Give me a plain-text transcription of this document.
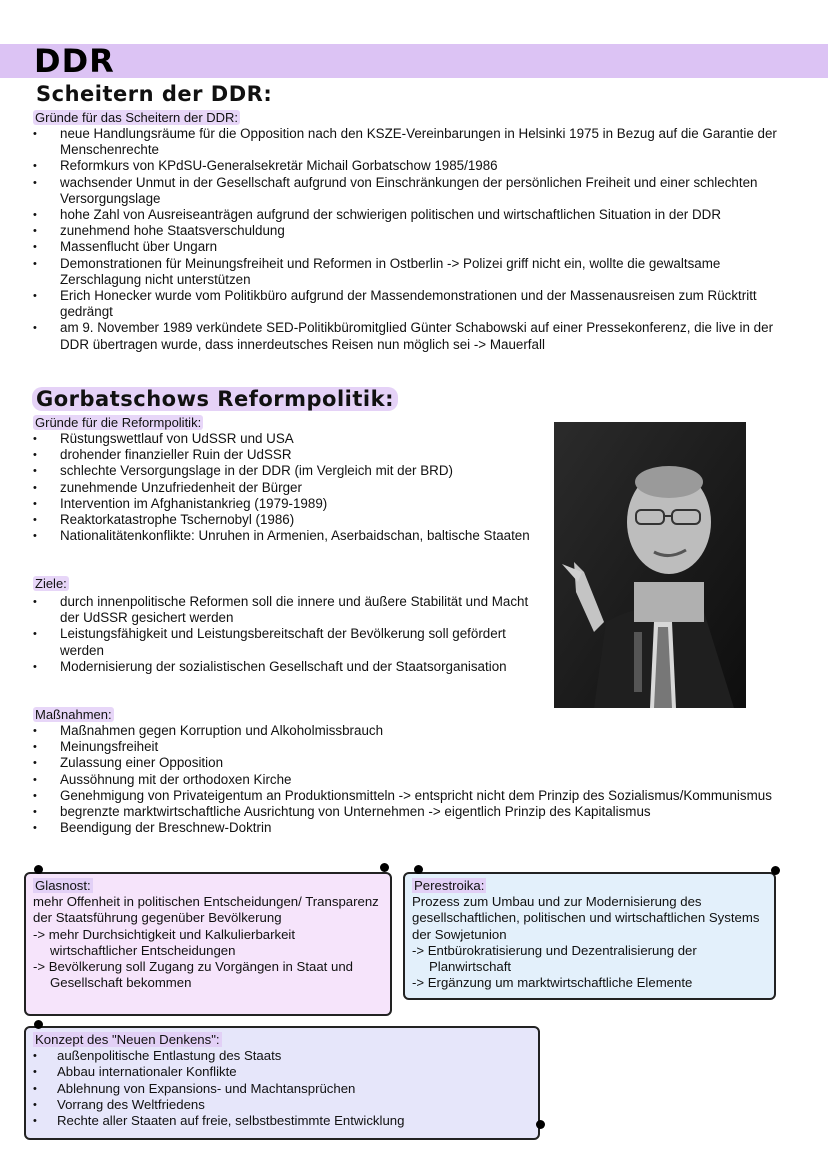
DDR
Scheitern der DDR:

Gründe für das Scheitern der DDR:

• neue Handlungsräume für die Opposition nach den KSZE-Vereinbarungen in Helsinki 1975 in Bezug auf die Garantie der Menschenrechte
• Reformkurs von KPdSU-Generalsekretär Michail Gorbatschow 1985/1986
• wachsender Unmut in der Gesellschaft aufgrund von Einschränkungen der persönlichen Freiheit und einer schlechten Versorgungslage
• hohe Zahl von Ausreiseanträgen aufgrund der schwierigen politischen und wirtschaftlichen Situation in der DDR
• zunehmend hohe Staatsverschuldung
• Massenflucht über Ungarn
• Demonstrationen für Meinungsfreiheit und Reformen in Ostberlin -> Polizei griff nicht ein, wollte die gewaltsame Zerschlagung nicht unterstützen
• Erich Honecker wurde vom Politikbüro aufgrund der Massendemonstrationen und der Massenausreisen zum Rücktritt gedrängt
• am 9. November 1989 verkündete SED-Politikbüromitglied Günter Schabowski auf einer Pressekonferenz, die live in der DDR übertragen wurde, dass innerdeutsches Reisen nun möglich sei -> Mauerfall
Gorbatschows Reformpolitik:

Gründe für die Reformpolitik:

• Rüstungswettlauf von UdSSR und USA
• drohender finanzieller Ruin der UdSSR
• schlechte Versorgungslage in der DDR (im Vergleich mit der BRD)
• zunehmende Unzufriedenheit der Bürger
• Intervention im Afghanistankrieg (1979-1989)
• Reaktorkatastrophe Tschernobyl (1986)
• Nationalitätenkonflikte: Unruhen in Armenien, Aserbaidschan, baltische Staaten

Ziele:

• durch innenpolitische Reformen soll die innere und äußere Stabilität und Macht der UdSSR gesichert werden
• Leistungsfähigkeit und Leistungsbereitschaft der Bevölkerung soll gefördert werden
• Modernisierung der sozialistischen Gesellschaft und der Staatsorganisation

Maßnahmen:

• Maßnahmen gegen Korruption und Alkoholmissbrauch
• Meinungsfreiheit
• Zulassung einer Opposition
• Aussöhnung mit der orthodoxen Kirche
• Genehmigung von Privateigentum an Produktionsmitteln -> entspricht nicht dem Prinzip des Sozialismus/Kommunismus
• begrenzte marktwirtschaftliche Ausrichtung von Unternehmen -> eigentlich Prinzip des Kapitalismus
• Beendigung der Breschnew-Doktrin

Glasnost:

mehr Offenheit in politischen Entscheidungen/ Transparenz der Staatsführung gegenüber Bevölkerung

-> mehr Durchsichtigkeit und Kalkulierbarkeit wirtschaftlicher Entscheidungen

-> Bevölkerung soll Zugang zu Vorgängen in Staat und Gesellschaft bekommen

Perestroika:

Prozess zum Umbau und zur Modernisierung des gesellschaftlichen, politischen und wirtschaftlichen Systems der Sowjetunion

-> Entbürokratisierung und Dezentralisierung der Planwirtschaft

-> Ergänzung um marktwirtschaftliche Elemente

Konzept des "Neuen Denkens":

• außenpolitische Entlastung des Staats
• Abbau internationaler Konflikte
• Ablehnung von Expansions- und Machtansprüchen
• Vorrang des Weltfriedens
• Rechte aller Staaten auf freie, selbstbestimmte Entwicklung
